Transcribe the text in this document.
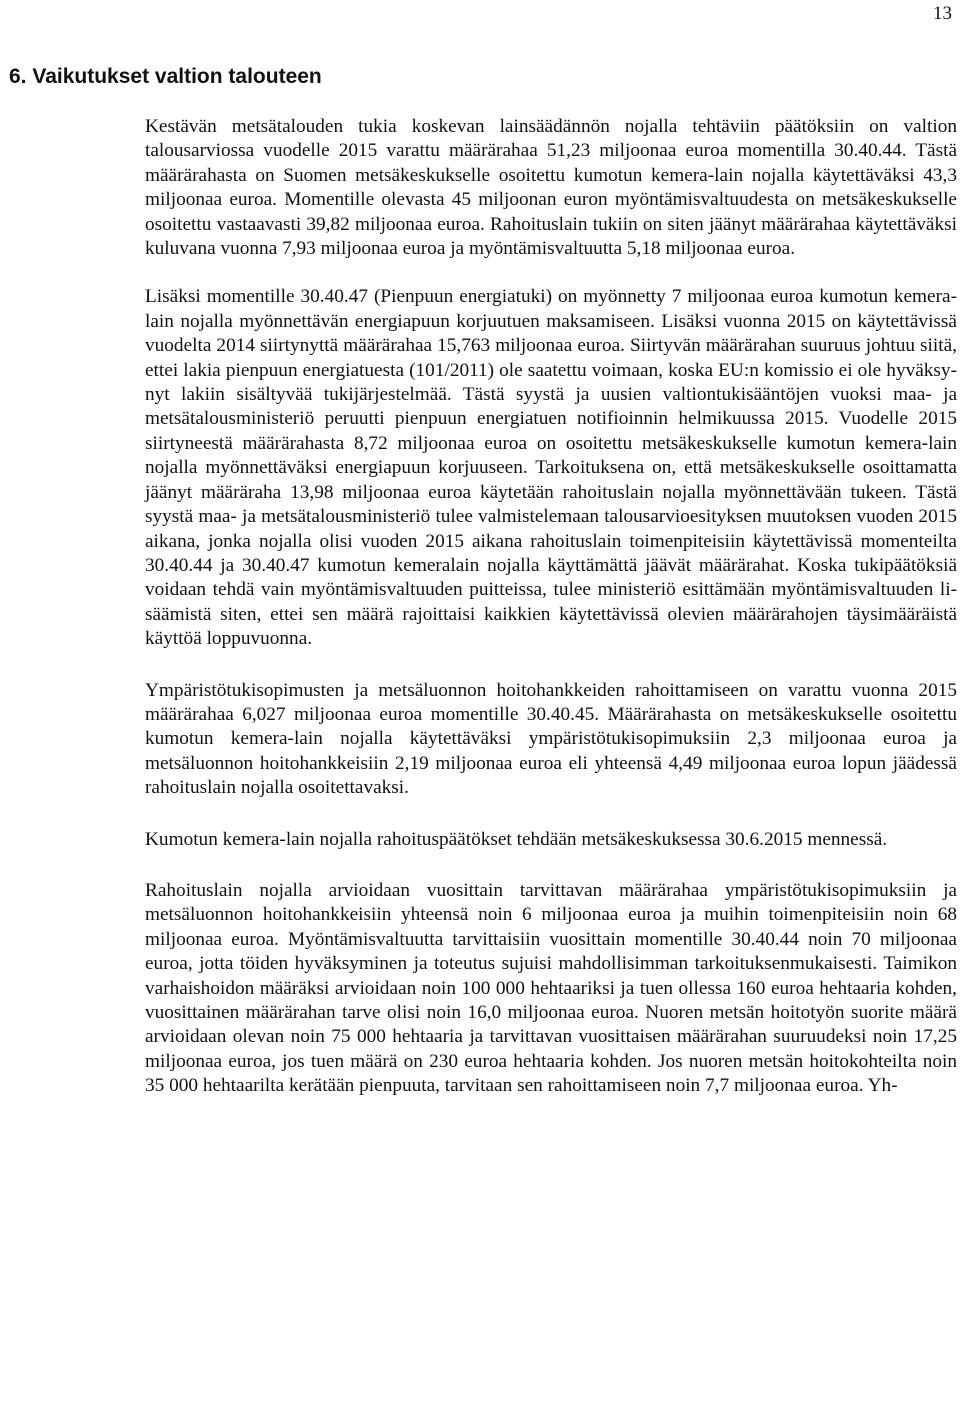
13
6. Vaikutukset valtion talouteen

Kestävän metsätalouden tukia koskevan lainsäädännön nojalla tehtäviin päätöksiin on valtion talousarviossa vuodelle 2015 varattu määrärahaa 51,23 miljoonaa euroa momentilla 30.40.44. Tästä määrärahasta on Suomen metsäkeskukselle osoitettu kumotun kemera-lain nojalla käytettäväksi 43,3 miljoonaa euroa. Momentille olevasta 45 miljoonan euron myöntämisvaltuudesta on metsäkeskukselle osoitettu vastaavasti 39,82 miljoonaa euroa. Rahoituslain tukiin on siten jäänyt määrärahaa käytettäväksi kuluvana vuonna 7,93 miljoonaa euroa ja myöntämisvaltuutta 5,18 miljoonaa euroa.

Lisäksi momentille 30.40.47 (Pienpuun energiatuki) on myönnetty 7 miljoonaa euroa kumotun kemera-lain nojalla myönnettävän energiapuun korjuutuen maksamiseen. Lisäksi vuonna 2015 on käytettävissä vuodelta 2014 siirtynyttä määrärahaa 15,763 miljoonaa euroa. Siirtyvän määrärahan suuruus johtuu siitä, ettei lakia pienpuun energiatuesta (101/2011) ole saatettu voimaan, koska EU:n komissio ei ole hyväksynyt lakiin sisältyvää tukijärjestelmää. Tästä syystä ja uusien valtiontukisääntöjen vuoksi maa- ja metsätalousministeriö peruutti pienpuun energiatuen notifioinnin helmikuussa 2015. Vuodelle 2015 siirtyneestä määrärahasta 8,72 miljoonaa euroa on osoitettu metsäkeskukselle kumotun kemera-lain nojalla myönnettäväksi energiapuun korjuuseen. Tarkoituksena on, että metsäkeskukselle osoittamatta jäänyt määräraha 13,98 miljoonaa euroa käytetään rahoituslain nojalla myönnettävään tukeen. Tästä syystä maa- ja metsätalousministeriö tulee valmistelemaan talousarvioesityksen muutoksen vuoden 2015 aikana, jonka nojalla olisi vuoden 2015 aikana rahoituslain toimenpiteisiin käytettävissä momenteilta 30.40.44 ja 30.40.47 kumotun kemeralain nojalla käyttämättä jäävät määrärahat. Koska tukipäätöksiä voidaan tehdä vain myöntämisvaltuuden puitteissa, tulee ministeriö esittämään myöntämisvaltuuden lisäämistä siten, ettei sen määrä rajoittaisi kaikkien käytettävissä olevien määrärahojen täysimääräistä käyttöä loppuvuonna.

Ympäristötukisopimusten ja metsäluonnon hoitohankkeiden rahoittamiseen on varattu vuonna 2015 määrärahaa 6,027 miljoonaa euroa momentille 30.40.45. Määrärahasta on metsäkeskukselle osoitettu kumotun kemera-lain nojalla käytettäväksi ympäristötukisopimuksiin 2,3 miljoonaa euroa ja metsäluonnon hoitohankkeisiin 2,19 miljoonaa euroa eli yhteensä 4,49 miljoonaa euroa lopun jäädessä rahoituslain nojalla osoitettavaksi.

Kumotun kemera-lain nojalla rahoituspäätökset tehdään metsäkeskuksessa 30.6.2015 mennessä.

Rahoituslain nojalla arvioidaan vuosittain tarvittavan määrärahaa ympäristötukisopimuksiin ja metsäluonnon hoitohankkeisiin yhteensä noin 6 miljoonaa euroa ja muihin toimenpiteisiin noin 68 miljoonaa euroa. Myöntämisvaltuutta tarvittaisiin vuosittain momentille 30.40.44 noin 70 miljoonaa euroa, jotta töiden hyväksyminen ja toteutus sujuisi mahdollisimman tarkoituksenmukaisesti. Taimikon varhaishoidon määräksi arvioidaan noin 100 000 hehtaariksi ja tuen ollessa 160 euroa hehtaaria kohden, vuosittainen määrärahan tarve olisi noin 16,0 miljoonaa euroa. Nuoren metsän hoitotyön suorite määrä arvioidaan olevan noin 75 000 hehtaaria ja tarvittavan vuosittaisen määrärahan suuruudeksi noin 17,25 miljoonaa euroa, jos tuen määrä on 230 euroa hehtaaria kohden. Jos nuoren metsän hoitokohteilta noin 35 000 hehtaarilta kerätään pienpuuta, tarvitaan sen rahoittamiseen noin 7,7 miljoonaa euroa. Yh-
